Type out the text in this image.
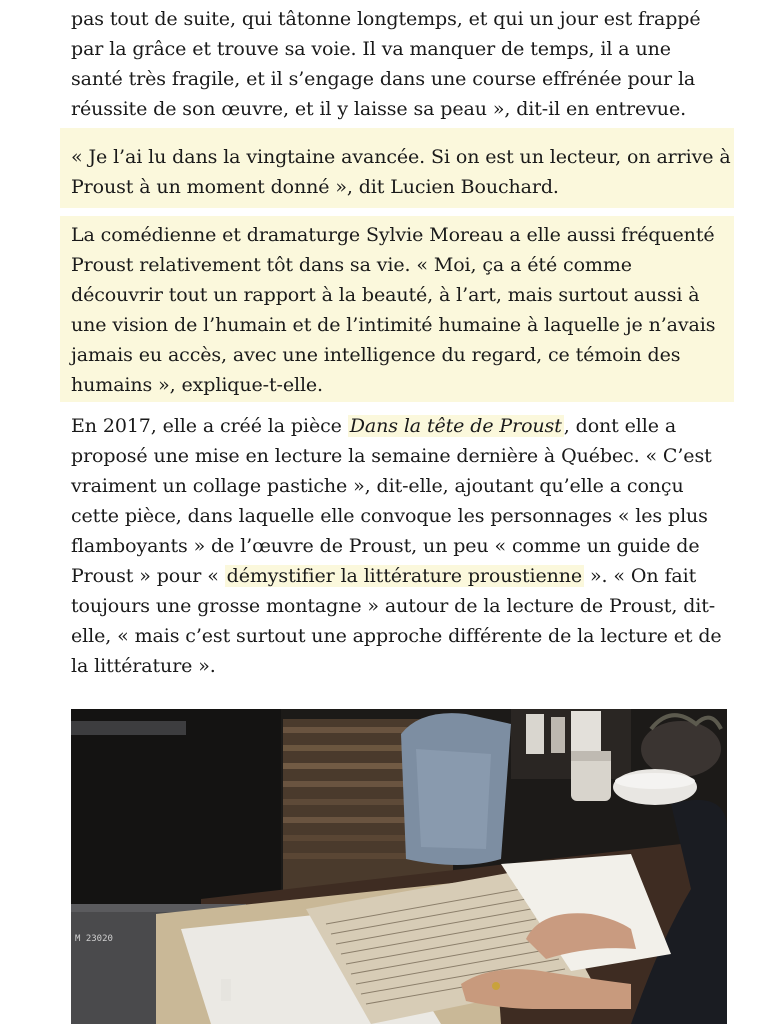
pas tout de suite, qui tâtonne longtemps, et qui un jour est frappé
par la grâce et trouve sa voie. Il va manquer de temps, il a une
santé très fragile, et il s’engage dans une course effrénée pour la
réussite de son œuvre, et il y laisse sa peau », dit-il en entrevue.
« Je l’ai lu dans la vingtaine avancée. Si on est un lecteur, on arrive à
Proust à un moment donné », dit Lucien Bouchard.
La comédienne et dramaturge Sylvie Moreau a elle aussi fréquenté
Proust relativement tôt dans sa vie. « Moi, ça a été comme
découvrir tout un rapport à la beauté, à l’art, mais surtout aussi à
une vision de l’humain et de l’intimité humaine à laquelle je n’avais
jamais eu accès, avec une intelligence du regard, ce témoin des
humains », explique-t-elle.
En 2017, elle a créé la pièce Dans la tête de Proust , dont elle a
proposé une mise en lecture la semaine dernière à Québec. « C’est
vraiment un collage pastiche », dit-elle, ajoutant qu’elle a conçu
cette pièce, dans laquelle elle convoque les personnages « les plus
flamboyants » de l’œuvre de Proust, un peu « comme un guide de
Proust » pour « démystifier la littérature proustienne ». « On fait
toujours une grosse montagne » autour de la lecture de Proust, dit-
elle, « mais c’est surtout une approche différente de la lecture et de
la littérature ».
M 23020
